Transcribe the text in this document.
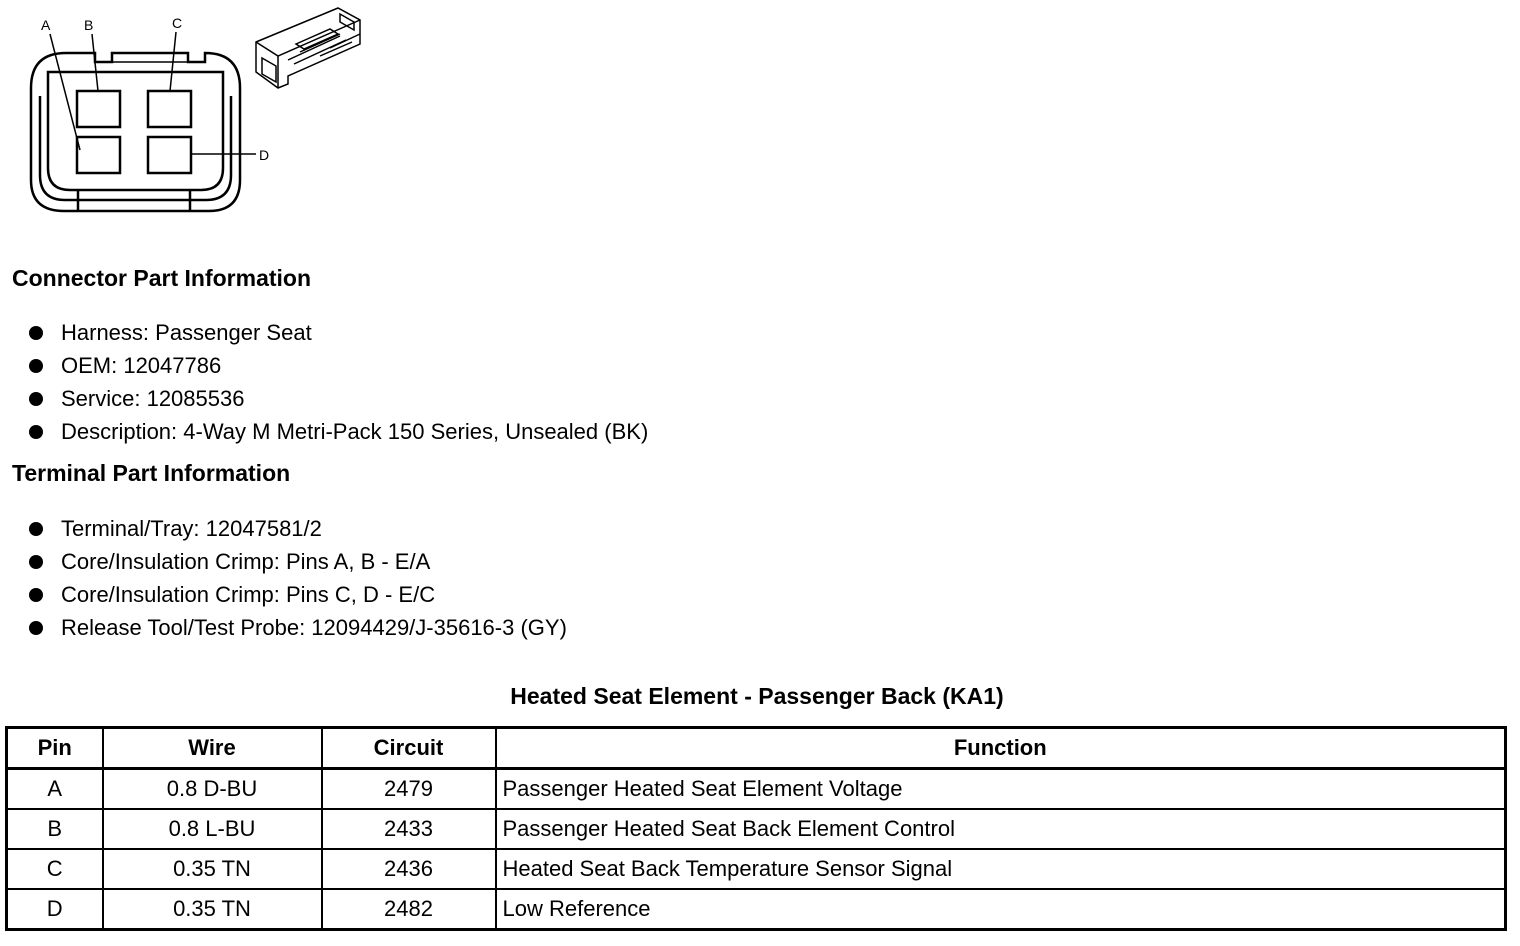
A B	C
D
Connector Part Information
Harness: Passenger Seat
OEM: 12047786
Service: 12085536
Description: 4-Way M Metri-Pack 150 Series, Unsealed (BK)
Terminal Part Information
Terminal/Tray: 12047581/2
Core/Insulation Crimp: Pins A, B - E/A
Core/Insulation Crimp: Pins C, D - E/C
Release Tool/Test Probe: 12094429/J-35616-3 (GY)
Heated Seat Element - Passenger Back (KA1)
Pin	Wire	Circuit	Function
A	0.8 D-BU	2479	Passenger Heated Seat Element Voltage
B	0.8 L-BU	2433	Passenger Heated Seat Back Element Control
C	0.35 TN	2436	Heated Seat Back Temperature Sensor Signal
D	0.35 TN	2482	Low Reference
